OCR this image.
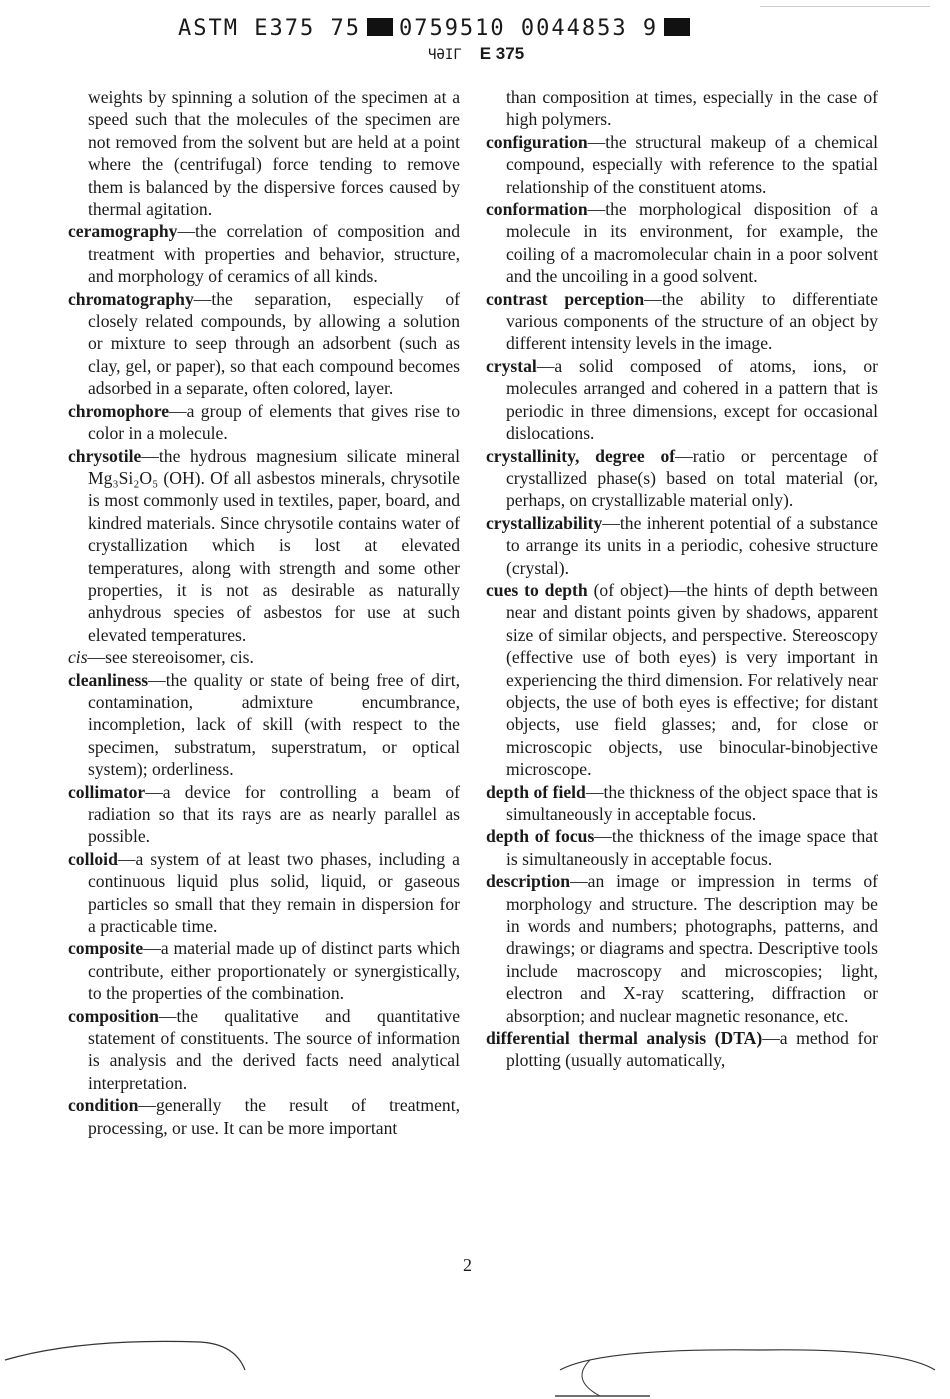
ASTM E375 75 0759510 0044853 9
ЧӘІГ E 375

weights by spinning a solution of the specimen at a speed such that the molecules of the specimen are not removed from the solvent but are held at a point where the (centrifugal) force tending to remove them is balanced by the dispersive forces caused by thermal agitation.

ceramography—the correlation of composition and treatment with properties and behavior, structure, and morphology of ceramics of all kinds.

chromatography—the separation, especially of closely related compounds, by allowing a solution or mixture to seep through an adsorbent (such as clay, gel, or paper), so that each compound becomes adsorbed in a separate, often colored, layer.

chromophore—a group of elements that gives rise to color in a molecule.

chrysotile—the hydrous magnesium silicate mineral Mg₃Si₂O₅ (OH). Of all asbestos minerals, chrysotile is most commonly used in textiles, paper, board, and kindred materials. Since chrysotile contains water of crystallization which is lost at elevated temperatures, along with strength and some other properties, it is not as desirable as naturally anhydrous species of asbestos for use at such elevated temperatures.

cis—see stereoisomer, cis.

cleanliness—the quality or state of being free of dirt, contamination, admixture encumbrance, incompletion, lack of skill (with respect to the specimen, substratum, superstratum, or optical system); orderliness.

collimator—a device for controlling a beam of radiation so that its rays are as nearly parallel as possible.

colloid—a system of at least two phases, including a continuous liquid plus solid, liquid, or gaseous particles so small that they remain in dispersion for a practicable time.

composite—a material made up of distinct parts which contribute, either proportionately or synergistically, to the properties of the combination.

composition—the qualitative and quantitative statement of constituents. The source of information is analysis and the derived facts need analytical interpretation.

condition—generally the result of treatment, processing, or use. It can be more important

than composition at times, especially in the case of high polymers.

configuration—the structural makeup of a chemical compound, especially with reference to the spatial relationship of the constituent atoms.

conformation—the morphological disposition of a molecule in its environment, for example, the coiling of a macromolecular chain in a poor solvent and the uncoiling in a good solvent.

contrast perception—the ability to differentiate various components of the structure of an object by different intensity levels in the image.

crystal—a solid composed of atoms, ions, or molecules arranged and cohered in a pattern that is periodic in three dimensions, except for occasional dislocations.

crystallinity, degree of—ratio or percentage of crystallized phase(s) based on total material (or, perhaps, on crystallizable material only).

crystallizability—the inherent potential of a substance to arrange its units in a periodic, cohesive structure (crystal).

cues to depth (of object)—the hints of depth between near and distant points given by shadows, apparent size of similar objects, and perspective. Stereoscopy (effective use of both eyes) is very important in experiencing the third dimension. For relatively near objects, the use of both eyes is effective; for distant objects, use field glasses; and, for close or microscopic objects, use binocular-binobjective microscope.

depth of field—the thickness of the object space that is simultaneously in acceptable focus.

depth of focus—the thickness of the image space that is simultaneously in acceptable focus.

description—an image or impression in terms of morphology and structure. The description may be in words and numbers; photographs, patterns, and drawings; or diagrams and spectra. Descriptive tools include macroscopy and microscopies; light, electron and X-ray scattering, diffraction or absorption; and nuclear magnetic resonance, etc.

differential thermal analysis (DTA)—a method for plotting (usually automatically,

2
